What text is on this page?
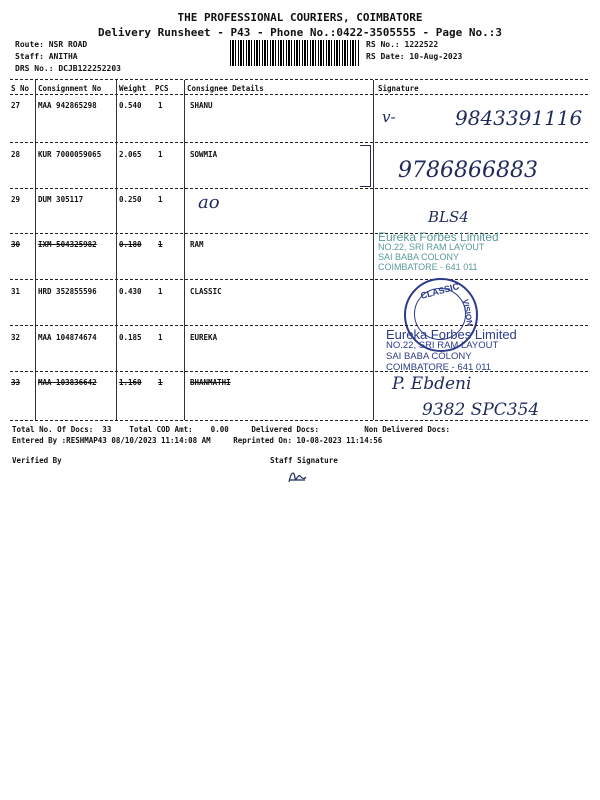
THE PROFESSIONAL COURIERS, COIMBATORE
Delivery Runsheet - P43 - Phone No.:0422-3505555 - Page No.:3
Route: NSR ROAD
Staff: ANITHA
DRS No.: DCJB122252203
RS No.: 1222522
RS Date: 10-Aug-2023
S No Consignment No Weight PCS Consignee Details	Signature
27 MAA 942865298	0.540 1	SHANU
v-	9843391116
28 KUR 7000059065 2.065 1	SOWMIA
9786866883
29 DUM 305117	0.250 1 ao
BLS4
30 IXM 504325982	0.180 1	RAM
Eureka Forbes Limited
NO.22, SRI RAM LAYOUT
SAI BABA COLONY
COIMBATORE - 641 011
31 HRD 352855596	0.430 1	CLASSIC	CLASSIC
VISION
32 MAA 104874674	0.185 1	EUREKA	Eureka Forbes Limited
NO.22, SRI RAM LAYOUT
SAI BABA COLONY
COIMBATORE - 641 011
33 MAA 103836642	1.160 1	BHANMATHI	P. Ebdeni
9382 SPC354
Total No. Of Docs:  33    Total COD Amt:    0.00     Delivered Docs:          Non Delivered Docs:
Entered By :RESHMAP43 08/10/2023 11:14:08 AM     Reprinted On: 10-08-2023 11:14:56
Verified By	Staff Signature
